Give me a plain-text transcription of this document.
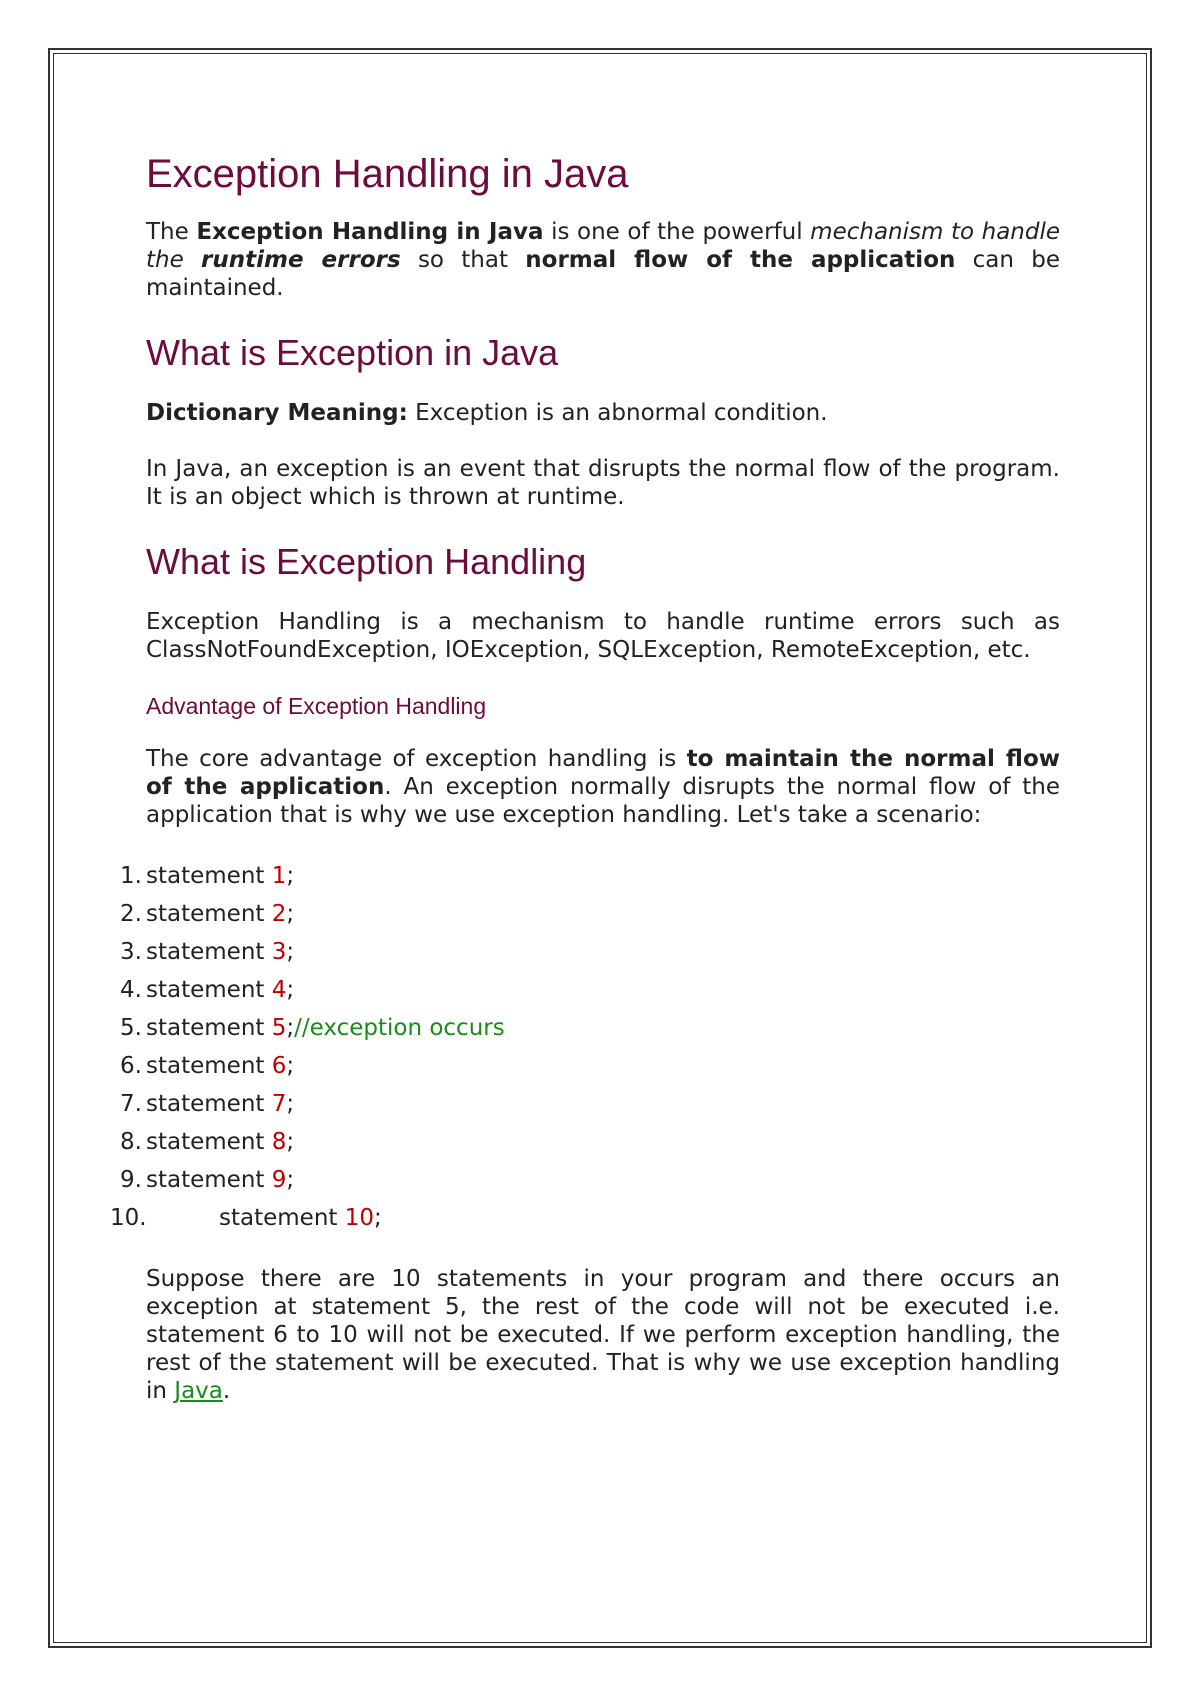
Exception Handling in Java

The Exception Handling in Java is one of the powerful mechanism to handle the runtime errors so that normal flow of the application can be maintained.

What is Exception in Java

Dictionary Meaning: Exception is an abnormal condition.

In Java, an exception is an event that disrupts the normal flow of the program. It is an object which is thrown at runtime.

What is Exception Handling

Exception Handling is a mechanism to handle runtime errors such as ClassNotFoundException, IOException, SQLException, RemoteException, etc.

Advantage of Exception Handling

The core advantage of exception handling is to maintain the normal flow of the application. An exception normally disrupts the normal flow of the application that is why we use exception handling. Let's take a scenario:

1. statement 1;
2. statement 2;
3. statement 3;
4. statement 4;
5. statement 5;//exception occurs
6. statement 6;
7. statement 7;
8. statement 8;
9. statement 9;
10.	statement 10;

Suppose there are 10 statements in your program and there occurs an exception at statement 5, the rest of the code will not be executed i.e. statement 6 to 10 will not be executed. If we perform exception handling, the rest of the statement will be executed. That is why we use exception handling in Java.
